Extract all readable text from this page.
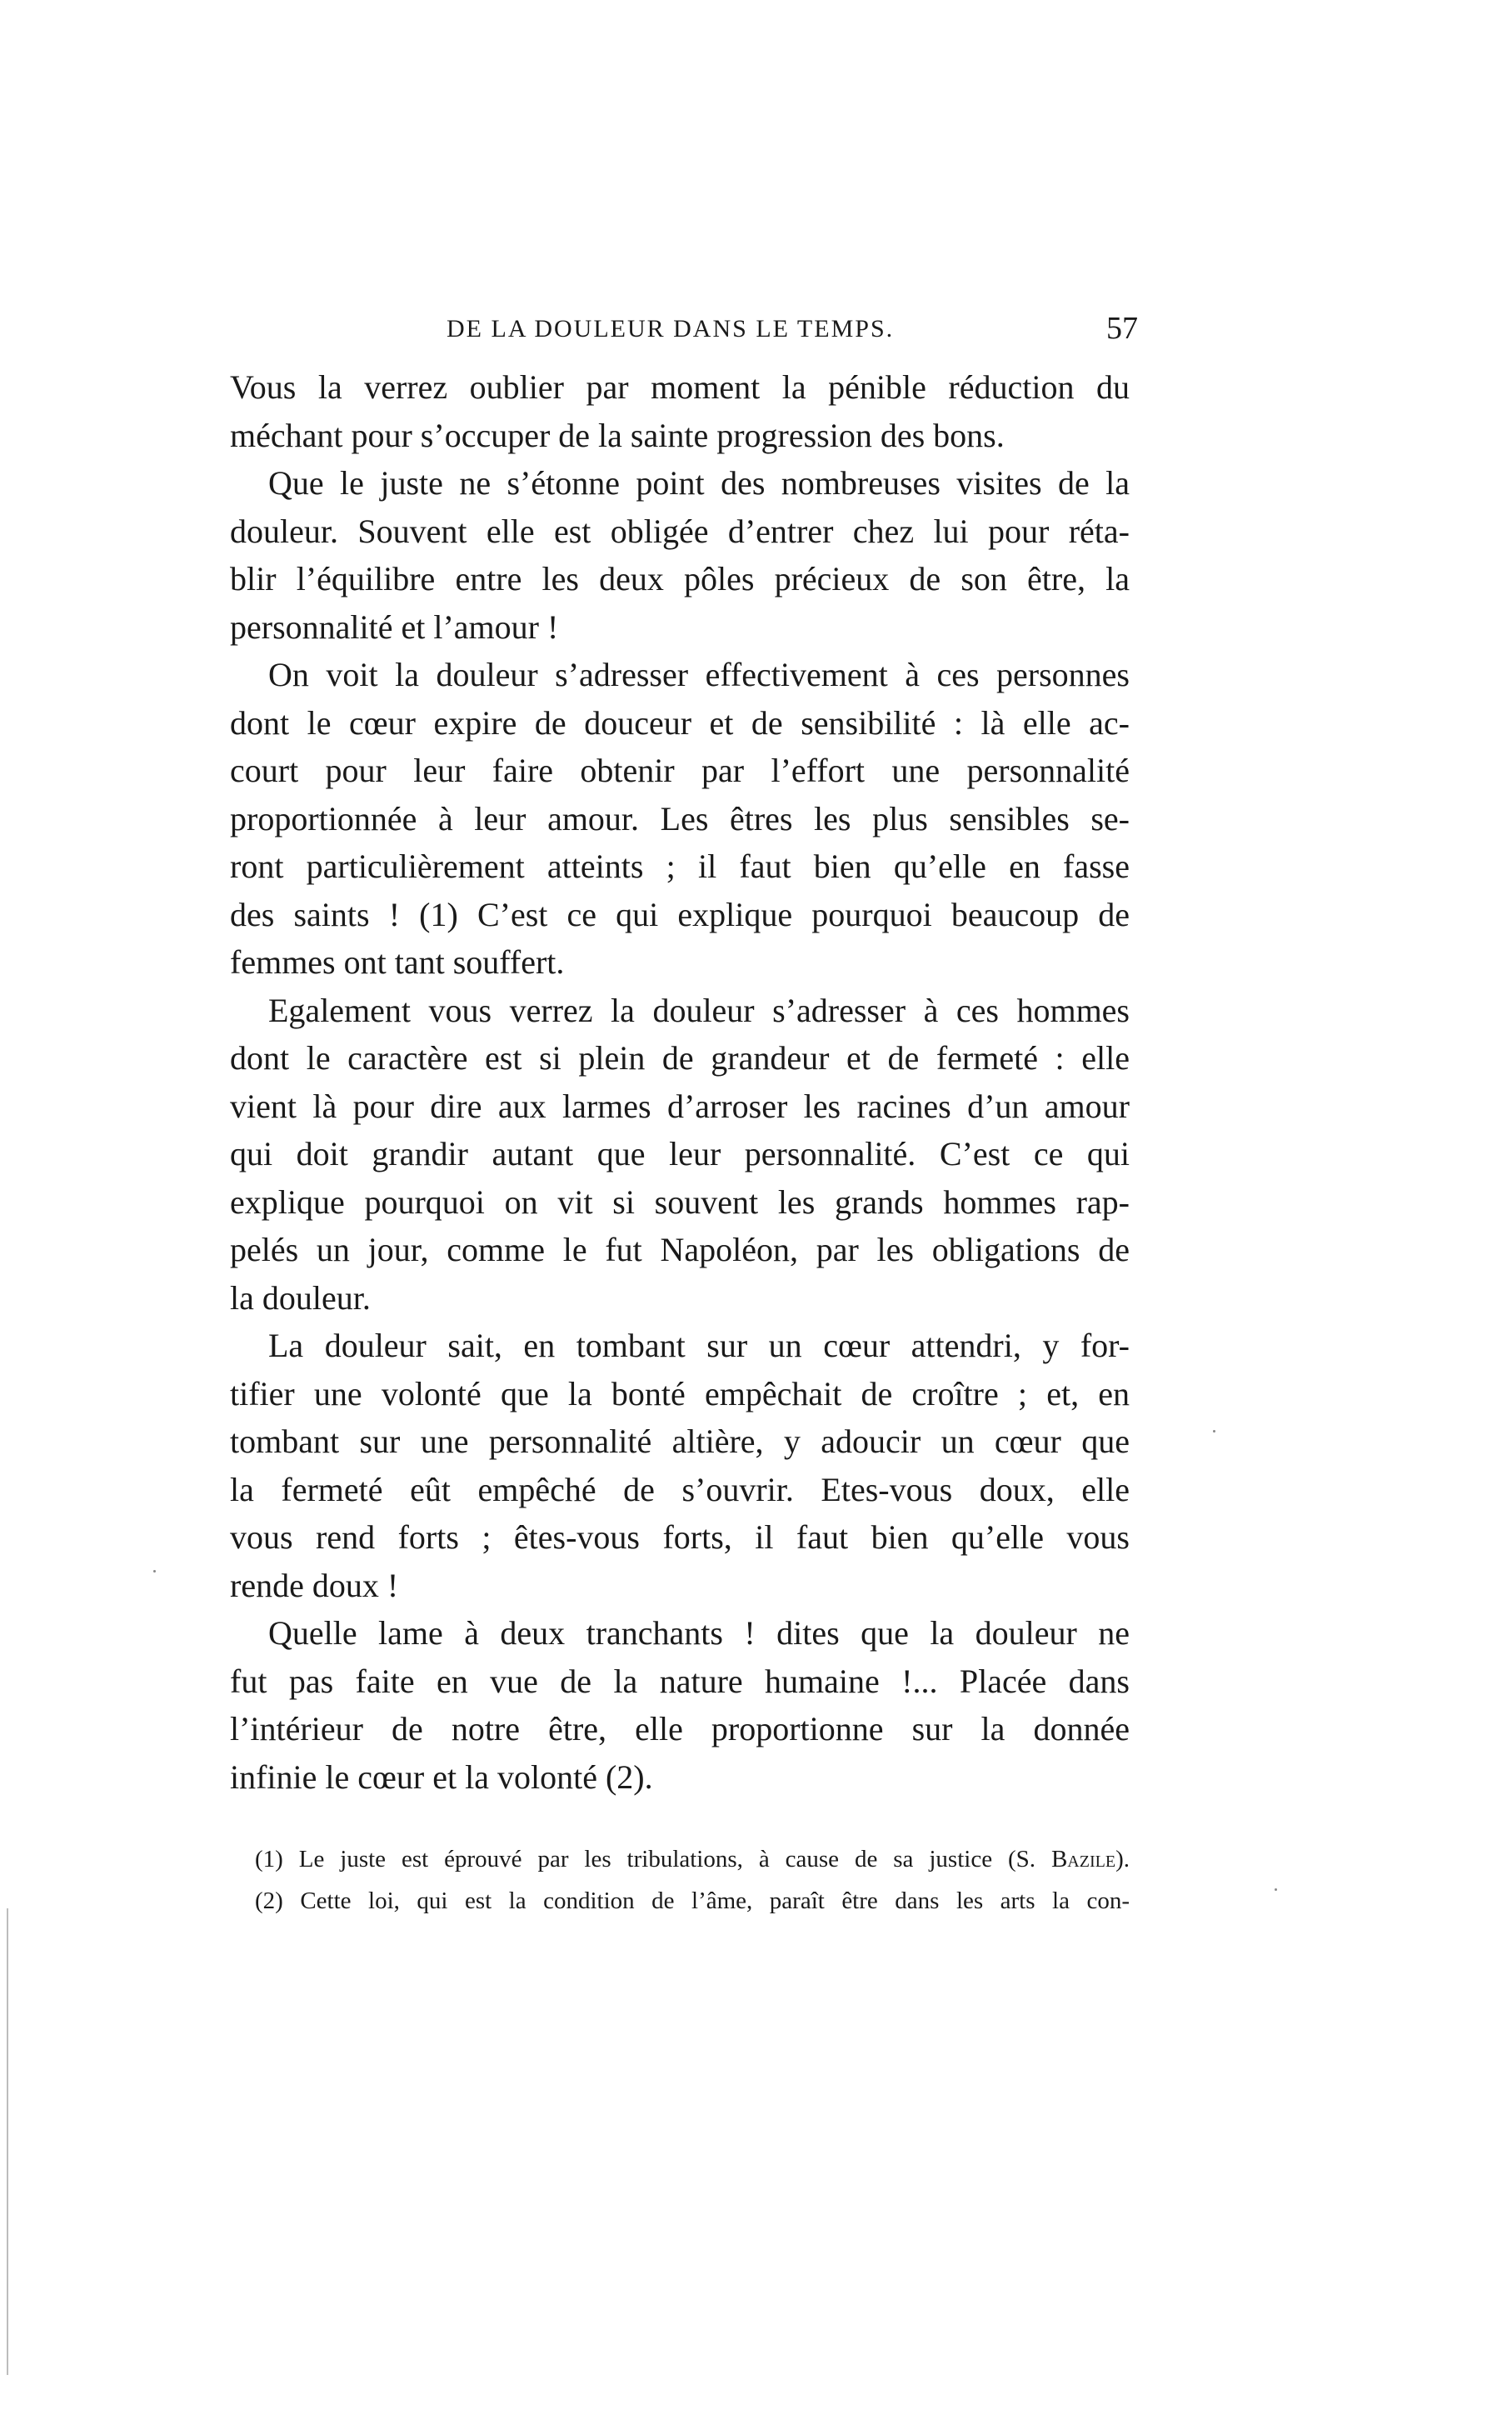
DE LA DOULEUR DANS LE TEMPS.	57
Vous la verrez oublier par moment la pénible réduction du
méchant pour s’occuper de la sainte progression des bons.
Que le juste ne s’étonne point des nombreuses visites de la
douleur. Souvent elle est obligée d’entrer chez lui pour réta-
blir l’équilibre entre les deux pôles précieux de son être, la
personnalité et l’amour !
On voit la douleur s’adresser effectivement à ces personnes
dont le cœur expire de douceur et de sensibilité : là elle ac-
court pour leur faire obtenir par l’effort une personnalité
proportionnée à leur amour. Les êtres les plus sensibles se-
ront particulièrement atteints ; il faut bien qu’elle en fasse
des saints ! (1) C’est ce qui explique pourquoi beaucoup de
femmes ont tant souffert.
Egalement vous verrez la douleur s’adresser à ces hommes
dont le caractère est si plein de grandeur et de fermeté : elle
vient là pour dire aux larmes d’arroser les racines d’un amour
qui doit grandir autant que leur personnalité. C’est ce qui
explique pourquoi on vit si souvent les grands hommes rap-
pelés un jour, comme le fut Napoléon, par les obligations de
la douleur.
La douleur sait, en tombant sur un cœur attendri, y for-
tifier une volonté que la bonté empêchait de croître ; et, en
tombant sur une personnalité altière, y adoucir un cœur que
la fermeté eût empêché de s’ouvrir. Etes-vous doux, elle
vous rend forts ; êtes-vous forts, il faut bien qu’elle vous
rende doux !
Quelle lame à deux tranchants ! dites que la douleur ne
fut pas faite en vue de la nature humaine !... Placée dans
l’intérieur de notre être, elle proportionne sur la donnée
infinie le cœur et la volonté (2).
(1) Le juste est éprouvé par les tribulations, à cause de sa justice (S. Bazile).
(2) Cette loi, qui est la condition de l’âme, paraît être dans les arts la con-
